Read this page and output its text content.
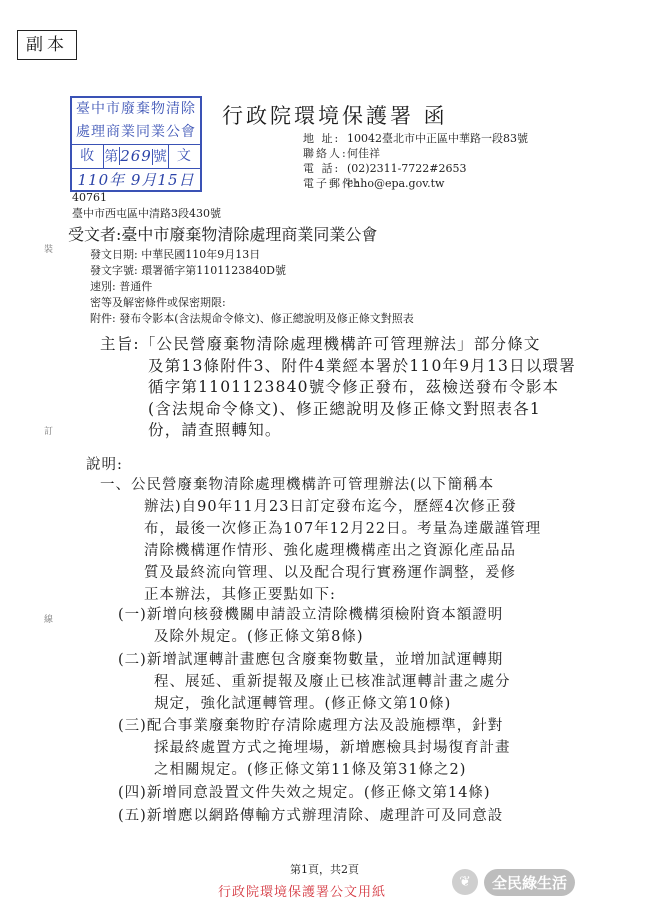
副本
臺中市廢棄物清除
處理商業同業公會
收 第269號 文
110年 9月15日
行政院環境保護署 函
地 址: 10042臺北市中正區中華路一段83號
聯絡人:何佳祥
電 話: (02)2311-7722#2653
電子郵件:chho@epa.gov.tw
40761
臺中市西屯區中清路3段430號
受文者:臺中市廢棄物清除處理商業同業公會
發文日期: 中華民國110年9月13日
發文字號: 環署循字第1101123840D號
速別: 普通件
密等及解密條件或保密期限:
附件: 發布令影本(含法規命令條文)、修正總說明及修正條文對照表
主旨:「公民營廢棄物清除處理機構許可管理辦法」部分條文
及第13條附件3、附件4業經本署於110年9月13日以環署
循字第1101123840號令修正發布，茲檢送發布令影本
(含法規命令條文)、修正總說明及修正條文對照表各1
份，請查照轉知。
說明:
一、公民營廢棄物清除處理機構許可管理辦法(以下簡稱本
辦法)自90年11月23日訂定發布迄今，歷經4次修正發
布，最後一次修正為107年12月22日。考量為達嚴謹管理
清除機構運作情形、強化處理機構產出之資源化產品品
質及最終流向管理、以及配合現行實務運作調整，爰修
正本辦法，其修正要點如下:
(一)新增向核發機關申請設立清除機構須檢附資本額證明
及除外規定。(修正條文第8條)
(二)新增試運轉計畫應包含廢棄物數量，並增加試運轉期
程、展延、重新提報及廢止已核准試運轉計畫之處分
規定，強化試運轉管理。(修正條文第10條)
(三)配合事業廢棄物貯存清除處理方法及設施標準，針對
採最終處置方式之掩埋場，新增應檢具封場復育計畫
之相關規定。(修正條文第11條及第31條之2)
(四)新增同意設置文件失效之規定。(修正條文第14條)
(五)新增應以網路傳輸方式辦理清除、處理許可及同意設
裝
訂
線
第1頁，共2頁
行政院環境保護署公文用紙
❦	全民綠生活
